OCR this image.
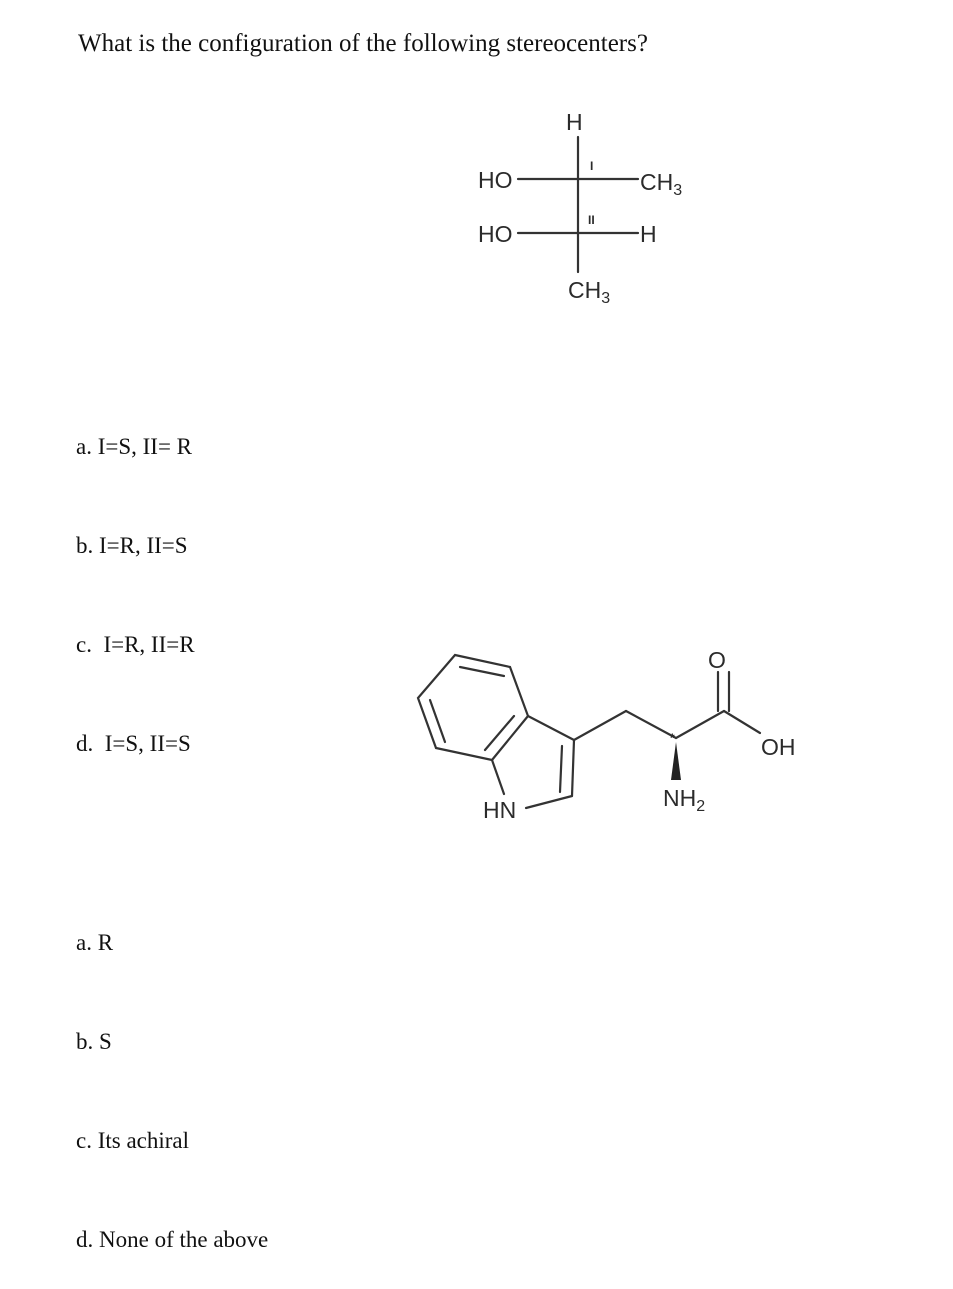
What is the configuration of the following stereocenters?
H
HO
I
$CH_3$
HO
II
H
$CH_3$

a. I=S, II= R

b. I=R, II=S

c.  I=R, II=R

d.  I=S, II=S	*
O
OH
$NH_2$
HN

a. R

b. S

c. Its achiral

d. None of the above
